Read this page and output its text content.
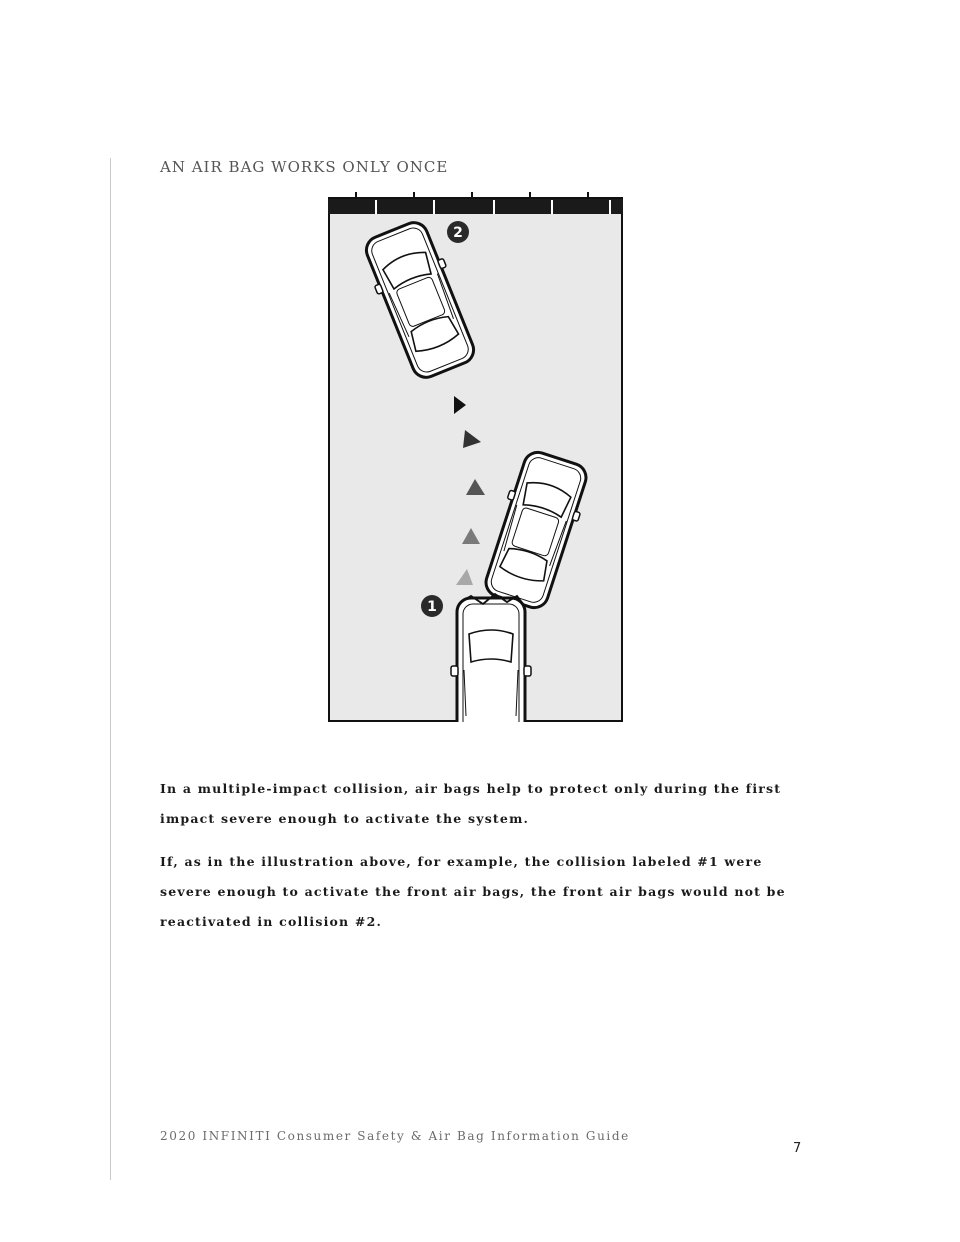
AN AIR BAG WORKS ONLY ONCE
2
1
In a multiple-impact collision, air bags help to protect only during the first impact severe enough to activate the system.
If, as in the illustration above, for example, the collision labeled #1 were severe enough to activate the front air bags, the front air bags would not be reactivated in collision #2.
2020 INFINITI Consumer Safety & Air Bag Information Guide
7
